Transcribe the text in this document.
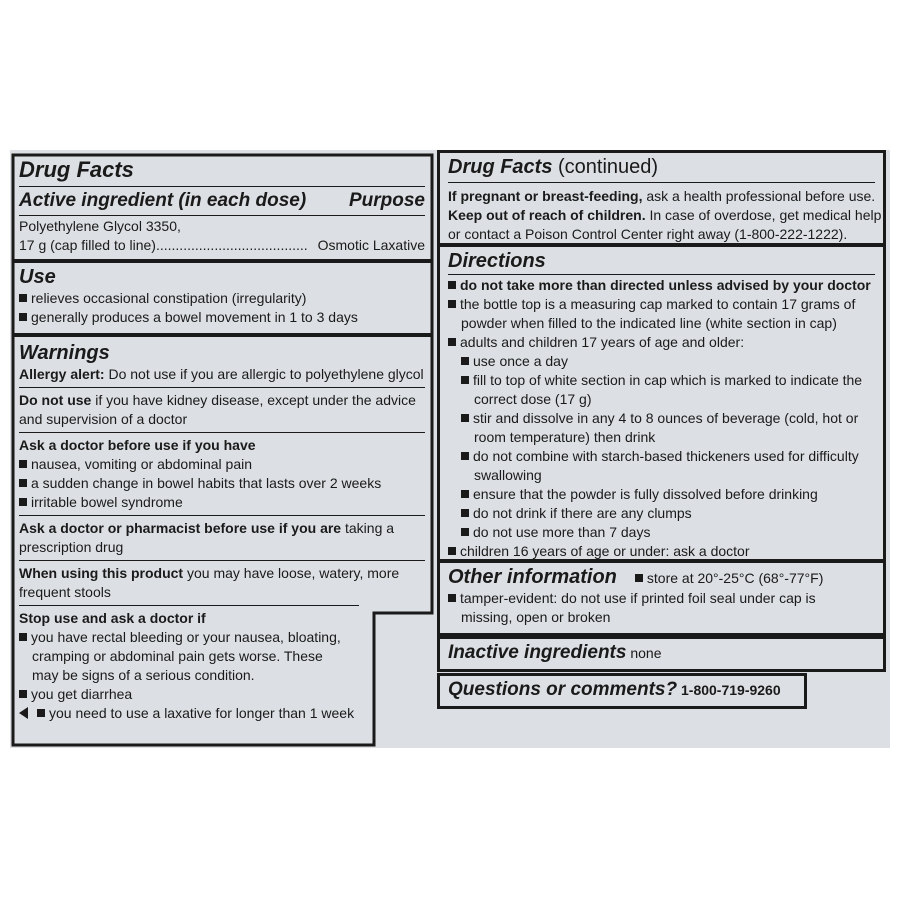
Drug Facts
Active ingredient (in each dose) Purpose
Polyethylene Glycol 3350,
17 g (cap filled to line) ....................................... Osmotic Laxative
Use
relieves occasional constipation (irregularity)
generally produces a bowel movement in 1 to 3 days
Warnings
Allergy alert: Do not use if you are allergic to polyethylene glycol
Do not use if you have kidney disease, except under the advice
and supervision of a doctor
Ask a doctor before use if you have
nausea, vomiting or abdominal pain
a sudden change in bowel habits that lasts over 2 weeks
irritable bowel syndrome
Ask a doctor or pharmacist before use if you are taking a
prescription drug
When using this product you may have loose, watery, more
frequent stools
Stop use and ask a doctor if
you have rectal bleeding or your nausea, bloating,
cramping or abdominal pain gets worse. These
may be signs of a serious condition.
you get diarrhea
you need to use a laxative for longer than 1 week
Drug Facts (continued)
If pregnant or breast-feeding, ask a health professional before use.
Keep out of reach of children. In case of overdose, get medical help
or contact a Poison Control Center right away (1-800-222-1222).
Directions
do not take more than directed unless advised by your doctor
the bottle top is a measuring cap marked to contain 17 grams of
powder when filled to the indicated line (white section in cap)
adults and children 17 years of age and older:
use once a day
fill to top of white section in cap which is marked to indicate the
correct dose (17 g)
stir and dissolve in any 4 to 8 ounces of beverage (cold, hot or
room temperature) then drink
do not combine with starch-based thickeners used for difficulty
swallowing
ensure that the powder is fully dissolved before drinking
do not drink if there are any clumps
do not use more than 7 days
children 16 years of age or under: ask a doctor
Other information	store at 20°-25°C (68°-77°F)
tamper-evident: do not use if printed foil seal under cap is
missing, open or broken
Inactive ingredients none
Questions or comments? 1-800-719-9260
